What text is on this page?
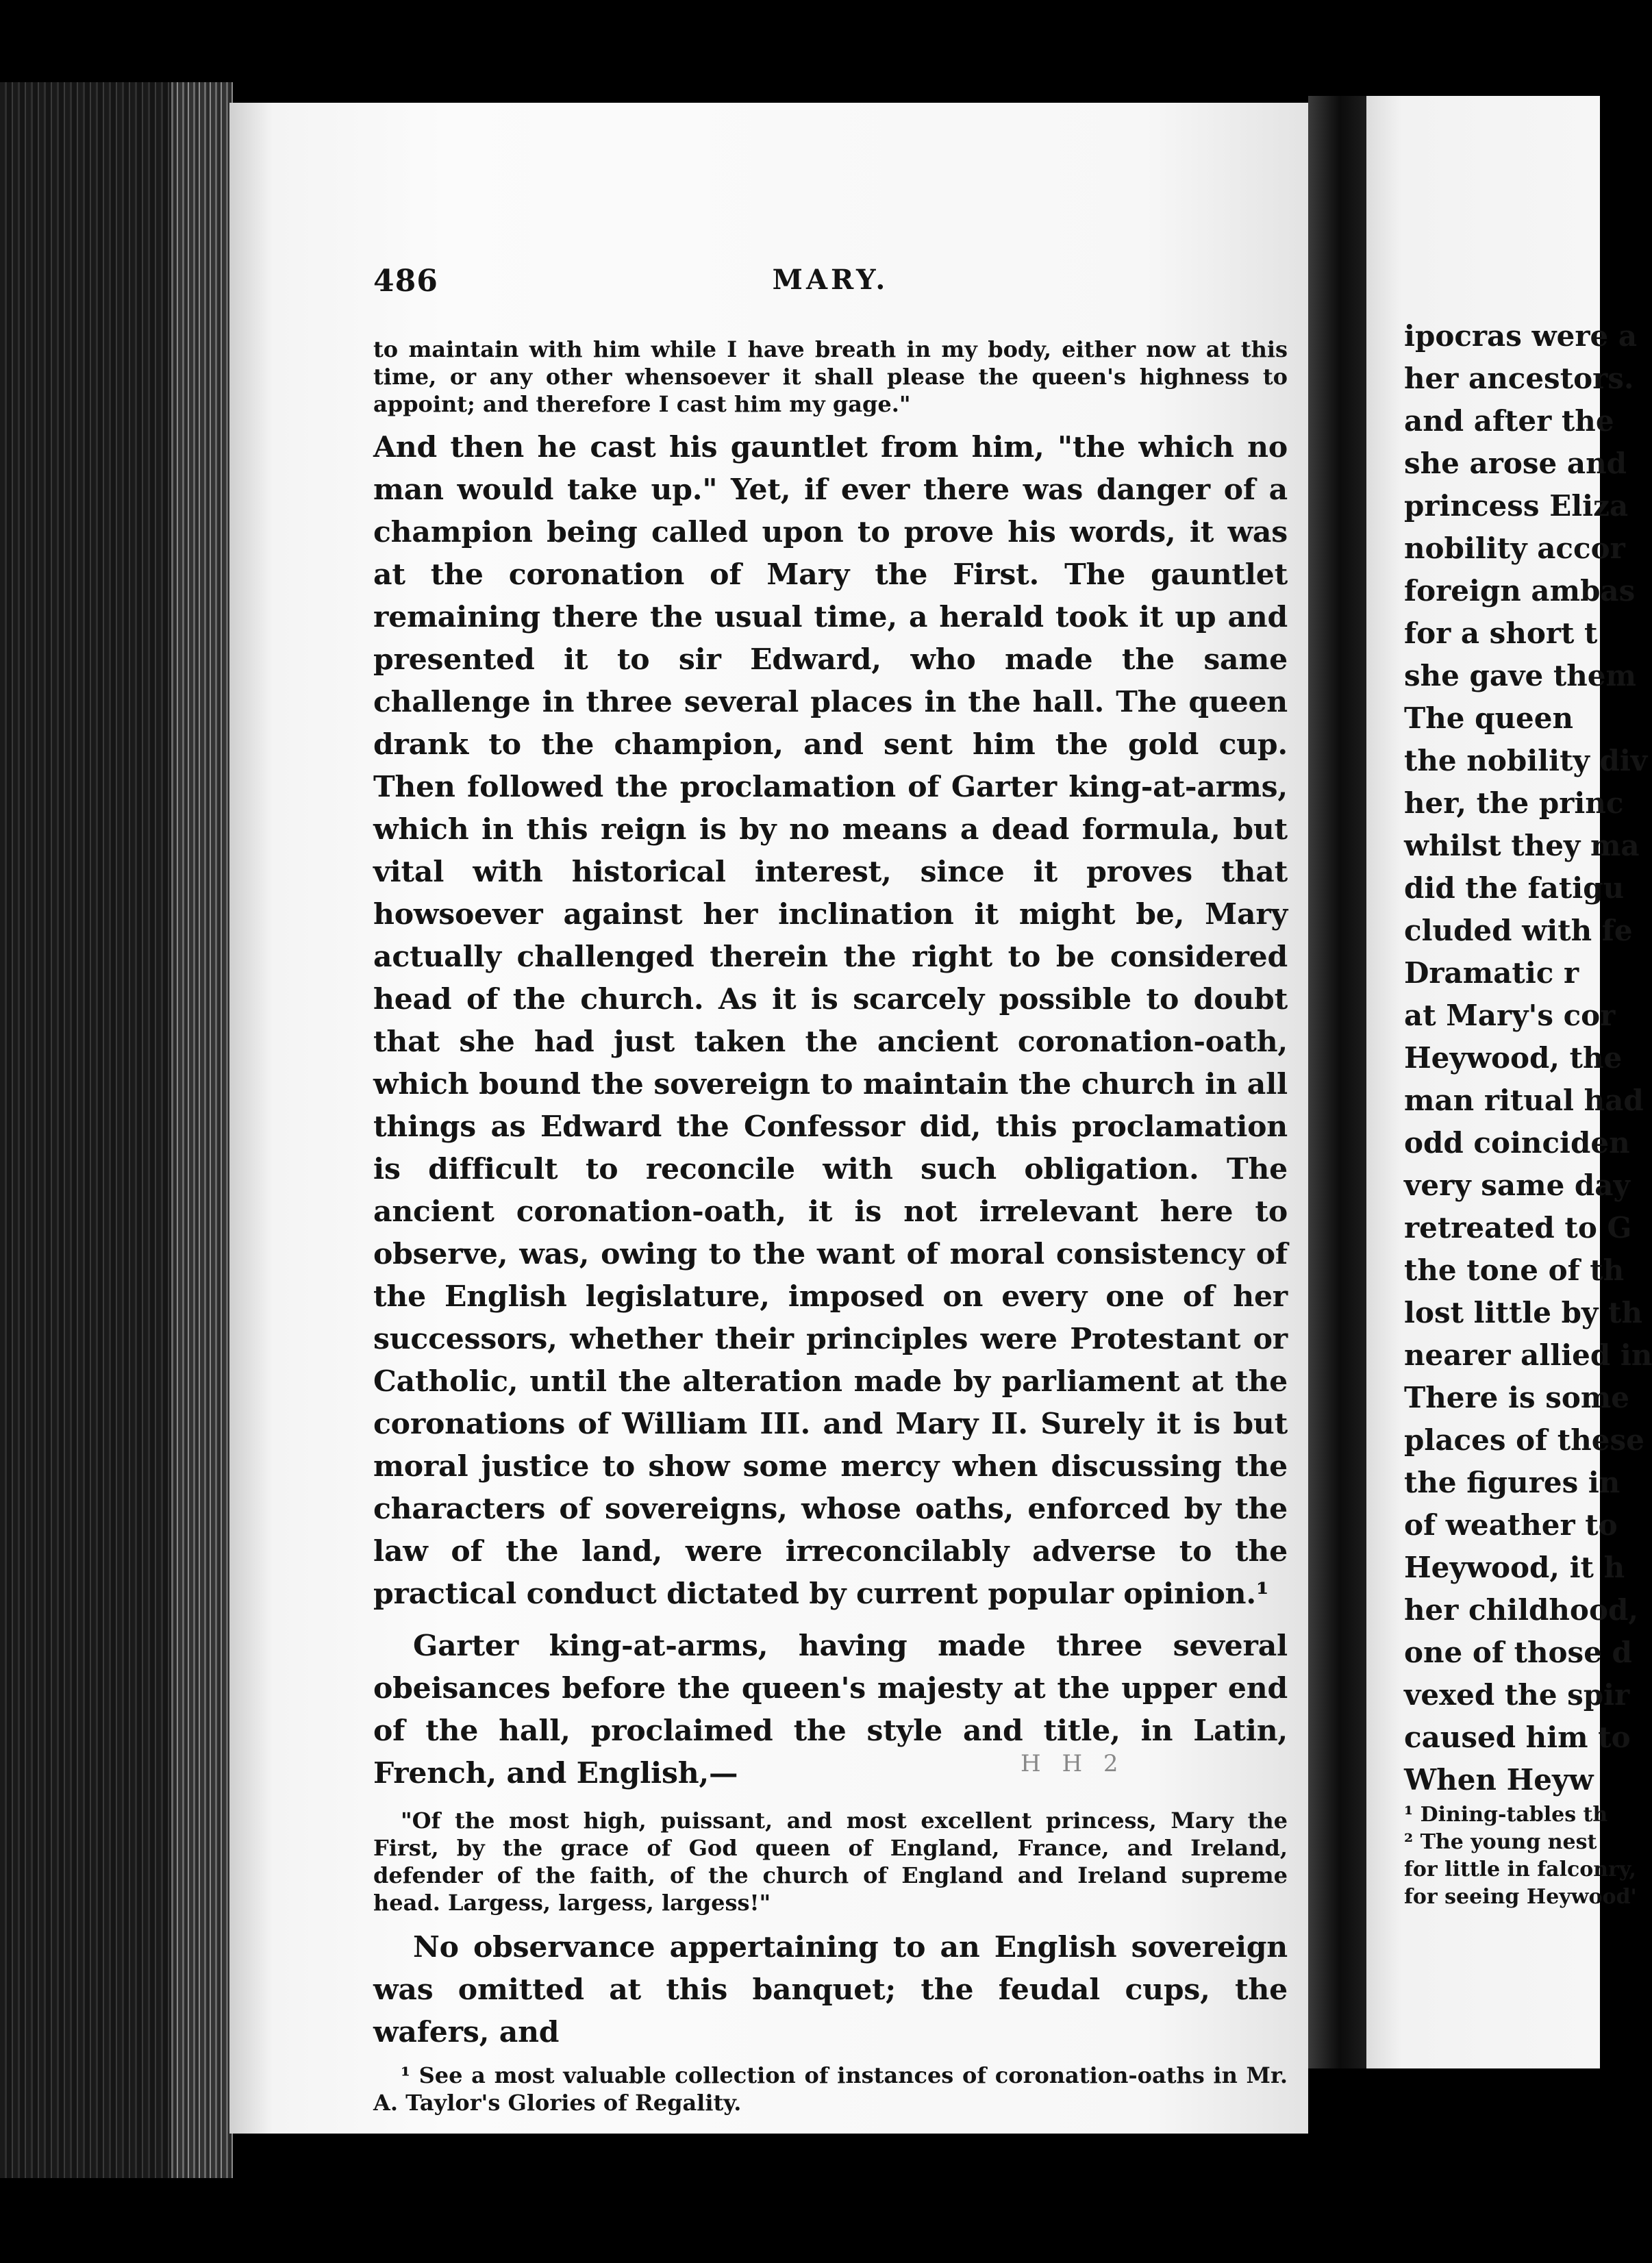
486	MARY.

to maintain with him while I have breath in my body, either now at this time, or any other whensoever it shall please the queen's highness to appoint; and therefore I cast him my gage."

And then he cast his gauntlet from him, "the which no man would take up." Yet, if ever there was danger of a champion being called upon to prove his words, it was at the coronation of Mary the First. The gauntlet remaining there the usual time, a herald took it up and presented it to sir Edward, who made the same challenge in three several places in the hall. The queen drank to the champion, and sent him the gold cup. Then followed the proclamation of Garter king-at-arms, which in this reign is by no means a dead formula, but vital with historical interest, since it proves that howsoever against her inclination it might be, Mary actually challenged therein the right to be considered head of the church. As it is scarcely possible to doubt that she had just taken the ancient coronation-oath, which bound the sovereign to maintain the church in all things as Edward the Confessor did, this proclamation is difficult to reconcile with such obligation. The ancient coronation-oath, it is not irrelevant here to observe, was, owing to the want of moral consistency of the English legislature, imposed on every one of her successors, whether their principles were Protestant or Catholic, until the alteration made by parliament at the coronations of William III. and Mary II. Surely it is but moral justice to show some mercy when discussing the characters of sovereigns, whose oaths, enforced by the law of the land, were irreconcilably adverse to the practical conduct dictated by current popular opinion.¹

Garter king-at-arms, having made three several obeisances before the queen's majesty at the upper end of the hall, proclaimed the style and title, in Latin, French, and English,—

"Of the most high, puissant, and most excellent princess, Mary the First, by the grace of God queen of England, France, and Ireland, defender of the faith, of the church of England and Ireland supreme head. Largess, largess, largess!"

No observance appertaining to an English sovereign was omitted at this banquet; the feudal cups, the wafers, and

¹ See a most valuable collection of instances of coronation-oaths in Mr. A. Taylor's Glories of Regality.

H H 2
ipocras were a
her ancestors.
and after the
she arose and
princess Eliza
nobility accor
foreign ambas
for a short t
she gave them
The queen
the nobility div
her, the princ
whilst they ma
did the fatigu
cluded with fe
Dramatic r
at Mary's cor
Heywood, the
man ritual had
odd coinciden
very same day
retreated to G
the tone of th
lost little by th
nearer allied in
There is some
places of these
the figures in
of weather to
Heywood, it h
her childhood,
one of those d
vexed the spir
caused him to
When Heyw
¹ Dining-tables th
² The young nest
for little in falconry,
for seeing Heywood'
